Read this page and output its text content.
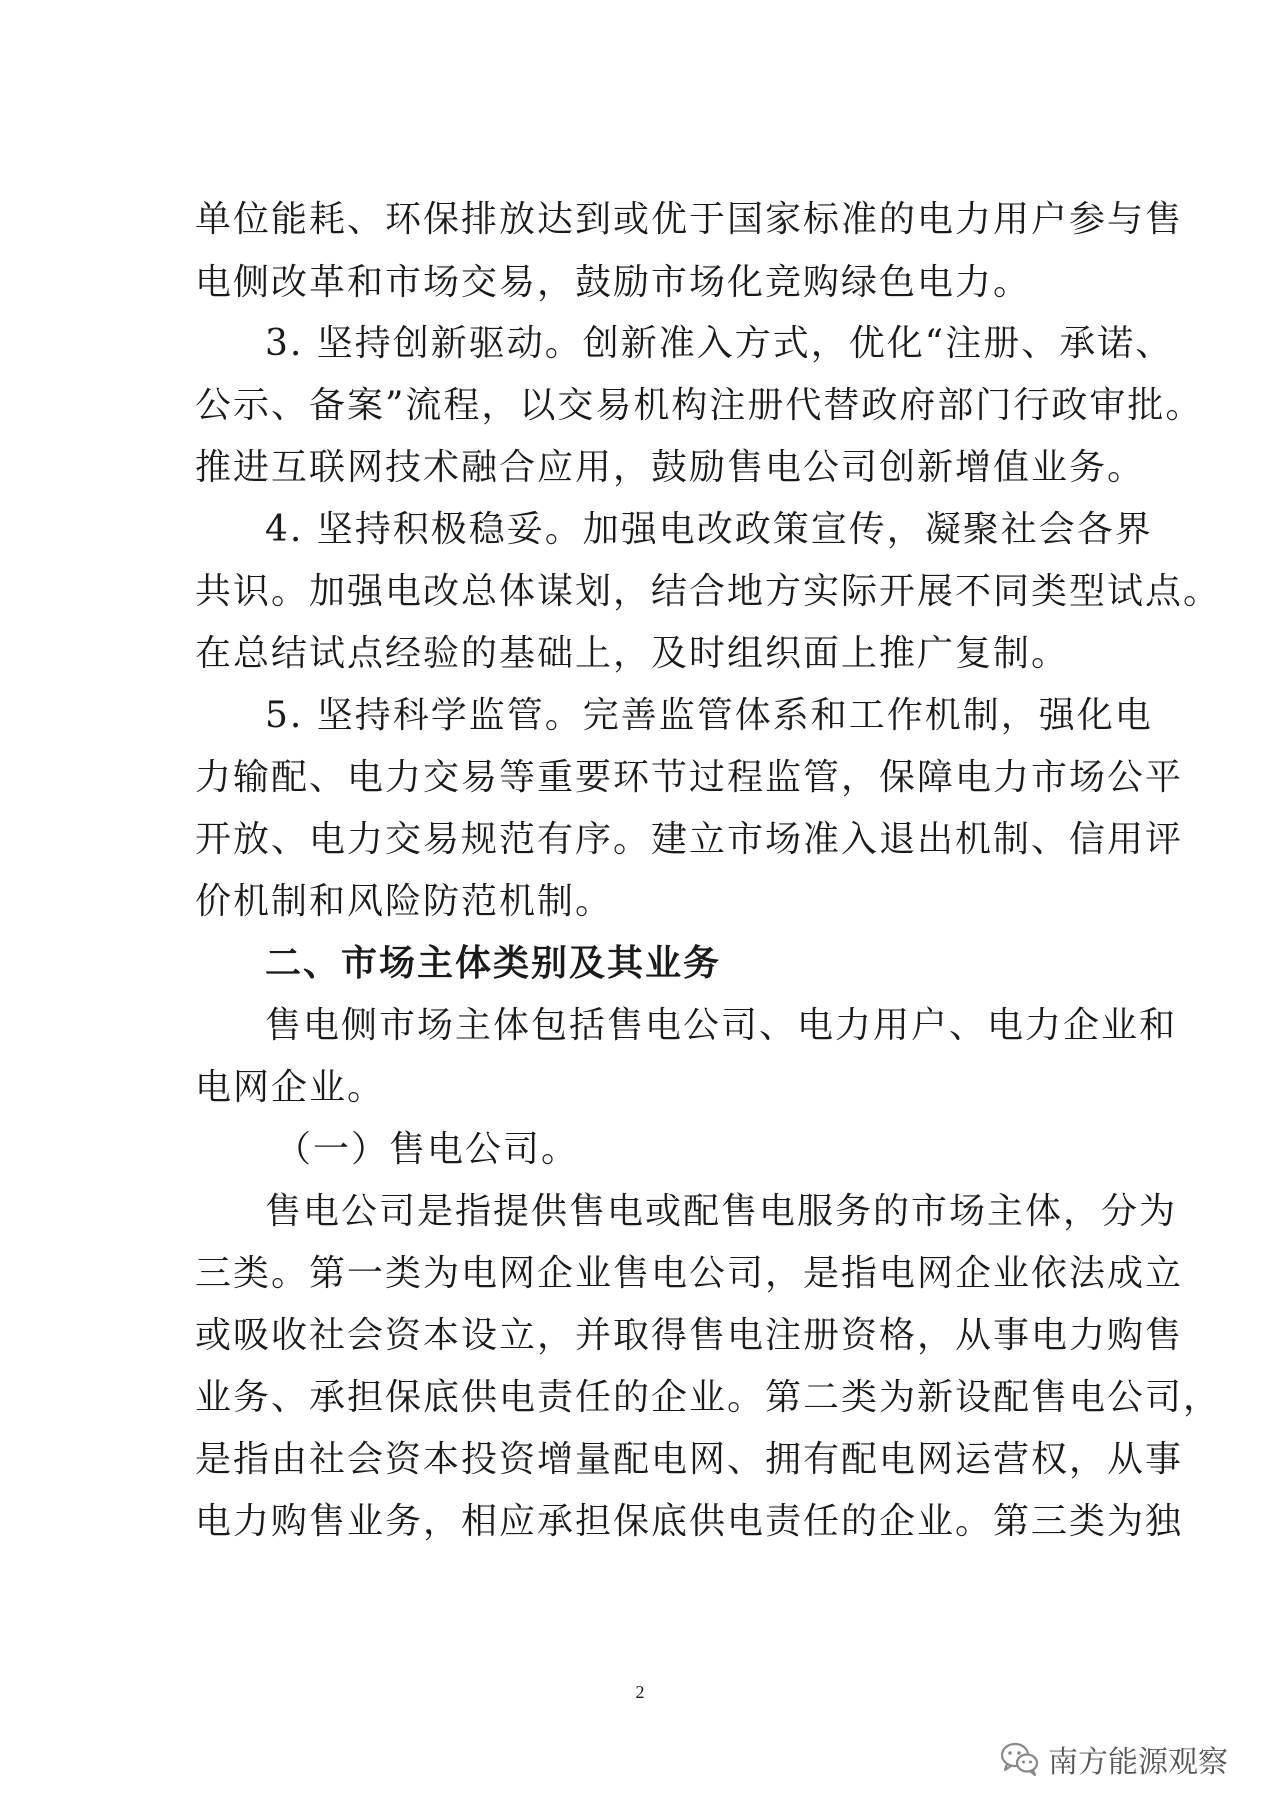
单位能耗、环保排放达到或优于国家标准的电力用户参与售
电侧改革和市场交易，鼓励市场化竞购绿色电力。
3. 坚持创新驱动。创新准入方式，优化“注册、承诺、
公示、备案”流程，以交易机构注册代替政府部门行政审批。
推进互联网技术融合应用，鼓励售电公司创新增值业务。
4. 坚持积极稳妥。加强电改政策宣传，凝聚社会各界
共识。加强电改总体谋划，结合地方实际开展不同类型试点。
在总结试点经验的基础上，及时组织面上推广复制。
5. 坚持科学监管。完善监管体系和工作机制，强化电
力输配、电力交易等重要环节过程监管，保障电力市场公平
开放、电力交易规范有序。建立市场准入退出机制、信用评
价机制和风险防范机制。
二、市场主体类别及其业务
售电侧市场主体包括售电公司、电力用户、电力企业和
电网企业。
（一）售电公司。
售电公司是指提供售电或配售电服务的市场主体，分为
三类。第一类为电网企业售电公司，是指电网企业依法成立
或吸收社会资本设立，并取得售电注册资格，从事电力购售
业务、承担保底供电责任的企业。第二类为新设配售电公司，
是指由社会资本投资增量配电网、拥有配电网运营权，从事
电力购售业务，相应承担保底供电责任的企业。第三类为独
2
南方能源观察
